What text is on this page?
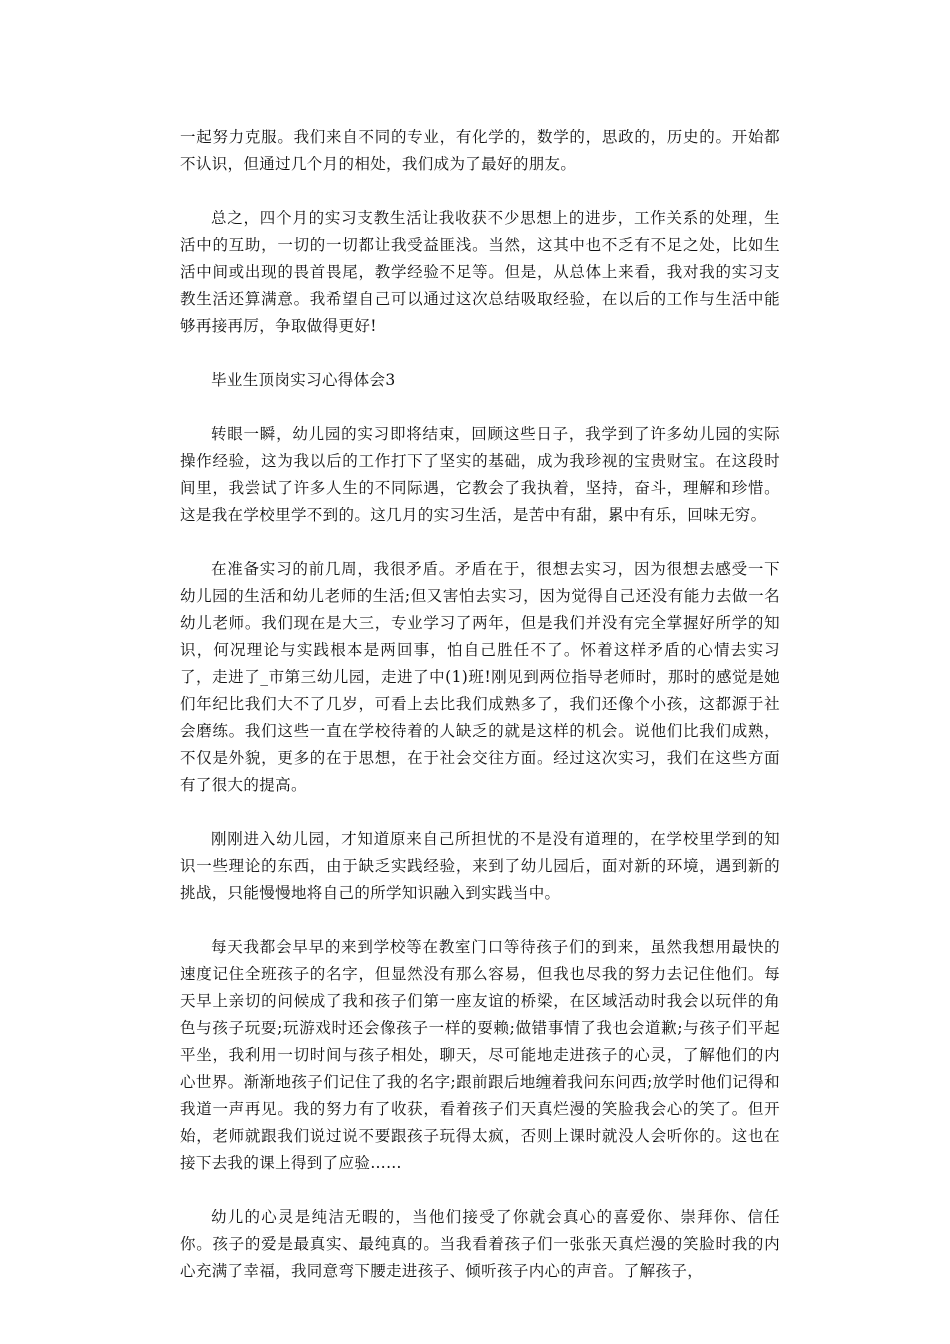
一起努力克服。我们来自不同的专业，有化学的，数学的，思政的，历史的。开始都不认识，但通过几个月的相处，我们成为了最好的朋友。

总之，四个月的实习支教生活让我收获不少思想上的进步，工作关系的处理，生活中的互助，一切的一切都让我受益匪浅。当然，这其中也不乏有不足之处，比如生活中间或出现的畏首畏尾，教学经验不足等。但是，从总体上来看，我对我的实习支教生活还算满意。我希望自己可以通过这次总结吸取经验，在以后的工作与生活中能够再接再厉，争取做得更好!

毕业生顶岗实习心得体会3

转眼一瞬，幼儿园的实习即将结束，回顾这些日子，我学到了许多幼儿园的实际操作经验，这为我以后的工作打下了坚实的基础，成为我珍视的宝贵财宝。在这段时间里，我尝试了许多人生的不同际遇，它教会了我执着，坚持，奋斗，理解和珍惜。这是我在学校里学不到的。这几月的实习生活，是苦中有甜，累中有乐，回味无穷。

在准备实习的前几周，我很矛盾。矛盾在于，很想去实习，因为很想去感受一下幼儿园的生活和幼儿老师的生活;但又害怕去实习，因为觉得自己还没有能力去做一名幼儿老师。我们现在是大三，专业学习了两年，但是我们并没有完全掌握好所学的知识，何况理论与实践根本是两回事，怕自己胜任不了。怀着这样矛盾的心情去实习了，走进了_市第三幼儿园，走进了中(1)班!刚见到两位指导老师时，那时的感觉是她们年纪比我们大不了几岁，可看上去比我们成熟多了，我们还像个小孩，这都源于社会磨练。我们这些一直在学校待着的人缺乏的就是这样的机会。说他们比我们成熟，不仅是外貌，更多的在于思想，在于社会交往方面。经过这次实习，我们在这些方面有了很大的提高。

刚刚进入幼儿园，才知道原来自己所担忧的不是没有道理的，在学校里学到的知识一些理论的东西，由于缺乏实践经验，来到了幼儿园后，面对新的环境，遇到新的挑战，只能慢慢地将自己的所学知识融入到实践当中。

每天我都会早早的来到学校等在教室门口等待孩子们的到来，虽然我想用最快的速度记住全班孩子的名字，但显然没有那么容易，但我也尽我的努力去记住他们。每天早上亲切的问候成了我和孩子们第一座友谊的桥梁，在区域活动时我会以玩伴的角色与孩子玩耍;玩游戏时还会像孩子一样的耍赖;做错事情了我也会道歉;与孩子们平起平坐，我利用一切时间与孩子相处，聊天，尽可能地走进孩子的心灵，了解他们的内心世界。渐渐地孩子们记住了我的名字;跟前跟后地缠着我问东问西;放学时他们记得和我道一声再见。我的努力有了收获，看着孩子们天真烂漫的笑脸我会心的笑了。但开始，老师就跟我们说过说不要跟孩子玩得太疯，否则上课时就没人会听你的。这也在接下去我的课上得到了应验……

幼儿的心灵是纯洁无暇的，当他们接受了你就会真心的喜爱你、崇拜你、信任你。孩子的爱是最真实、最纯真的。当我看着孩子们一张张天真烂漫的笑脸时我的内心充满了幸福，我同意弯下腰走进孩子、倾听孩子内心的声音。了解孩子，
